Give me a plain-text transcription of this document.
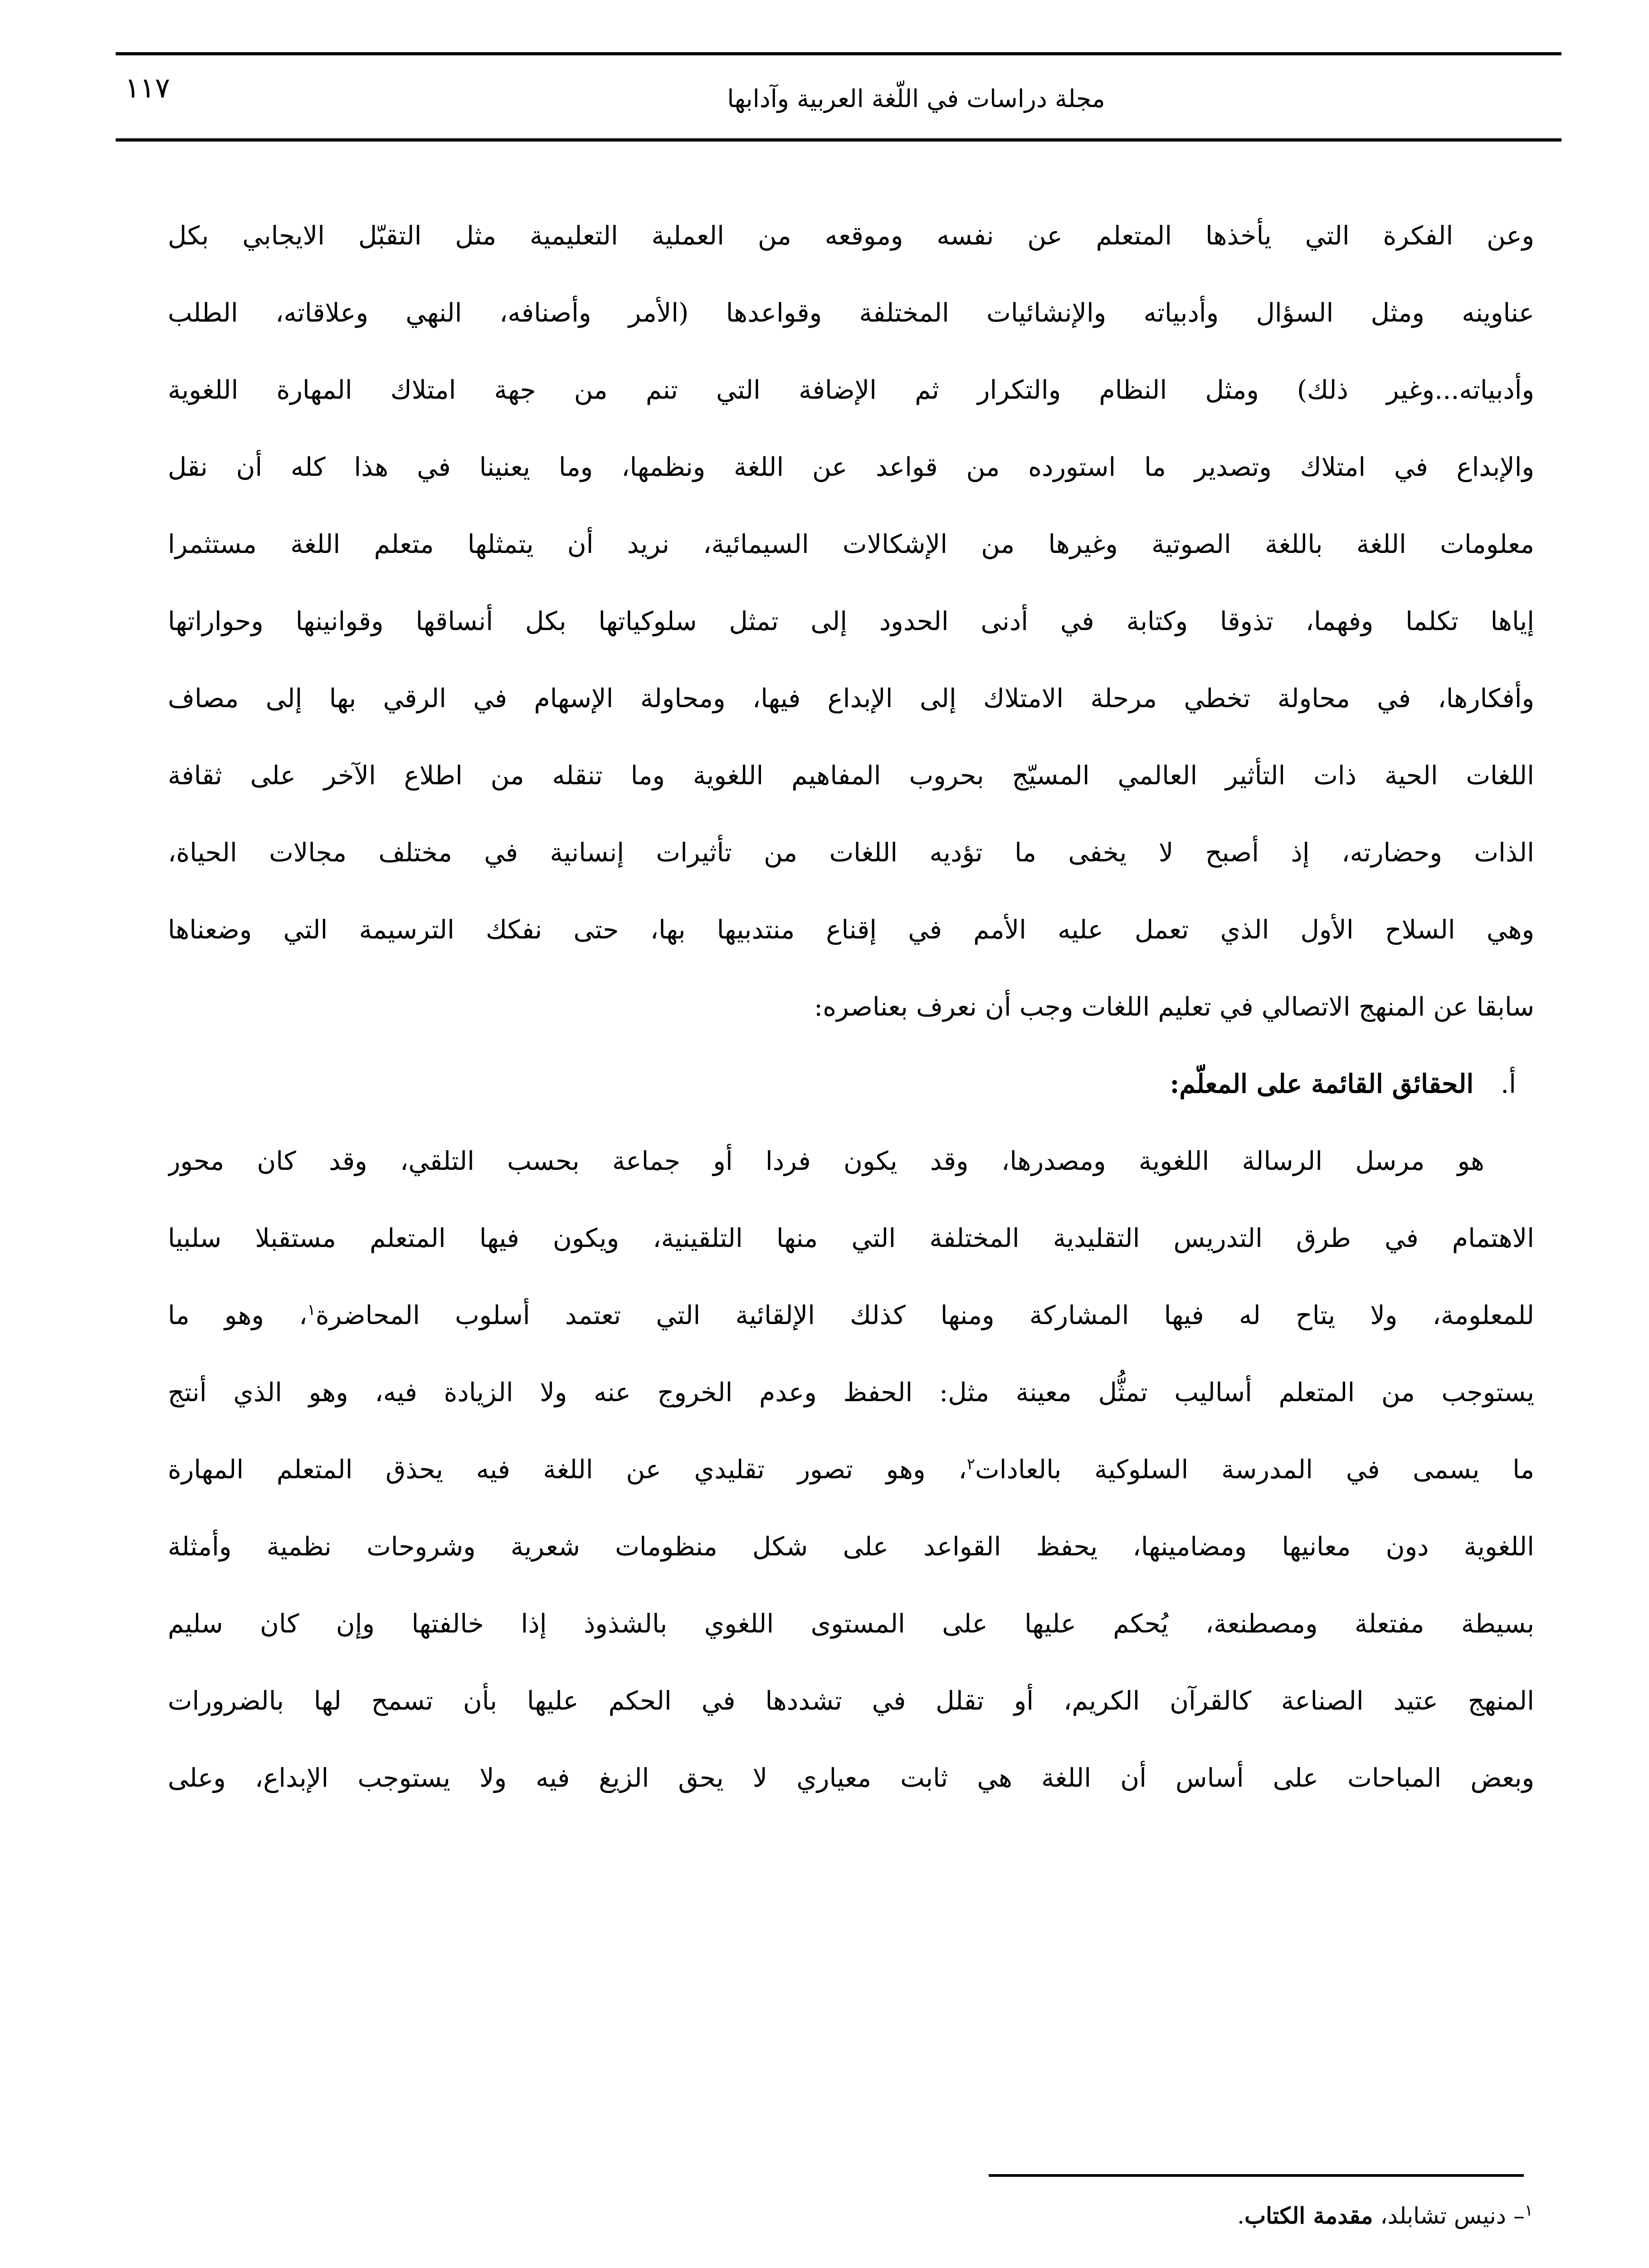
١١٧	مجلة دراسات في اللّغة العربية وآدابها

وعن الفكرة التي يأخذها المتعلم عن نفسه وموقعه من العملية التعليمية مثل التقبّل الايجابي بكل
عناوينه ومثل السؤال وأدبياته والإنشائيات المختلفة وقواعدها (الأمر وأصنافه، النهي وعلاقاته، الطلب
وأدبياته...وغير ذلك) ومثل النظام والتكرار ثم الإضافة التي تنم من جهة امتلاك المهارة اللغوية
والإبداع في امتلاك وتصدير ما استورده من قواعد عن اللغة ونظمها، وما يعنينا في هذا كله أن نقل
معلومات اللغة باللغة الصوتية وغيرها من الإشكالات السيمائية، نريد أن يتمثلها متعلم اللغة مستثمرا
إياها تكلما وفهما، تذوقا وكتابة في أدنى الحدود إلى تمثل سلوكياتها بكل أنساقها وقوانينها وحواراتها
وأفكارها، في محاولة تخطي مرحلة الامتلاك إلى الإبداع فيها، ومحاولة الإسهام في الرقي بها إلى مصاف
اللغات الحية ذات التأثير العالمي المسيّج بحروب المفاهيم اللغوية وما تنقله من اطلاع الآخر على ثقافة
الذات وحضارته، إذ أصبح لا يخفى ما تؤديه اللغات من تأثيرات إنسانية في مختلف مجالات الحياة،
وهي السلاح الأول الذي تعمل عليه الأمم في إقناع منتدبيها بها، حتى نفكك الترسيمة التي وضعناها
سابقا عن المنهج الاتصالي في تعليم اللغات وجب أن نعرف بعناصره:

أ. الحقائق القائمة على المعلّم:

هو مرسل الرسالة اللغوية ومصدرها، وقد يكون فردا أو جماعة بحسب التلقي، وقد كان محور
الاهتمام في طرق التدريس التقليدية المختلفة التي منها التلقينية، ويكون فيها المتعلم مستقبلا سلبيا
للمعلومة، ولا يتاح له فيها المشاركة ومنها كذلك الإلقائية التي تعتمد أسلوب المحاضرة$^١$، وهو ما
يستوجب من المتعلم أساليب تمثُّل معينة مثل: الحفظ وعدم الخروج عنه ولا الزيادة فيه، وهو الذي أنتج
ما يسمى في المدرسة السلوكية بالعادات$^٢$، وهو تصور تقليدي عن اللغة فيه يحذق المتعلم المهارة
اللغوية دون معانيها ومضامينها، يحفظ القواعد على شكل منظومات شعرية وشروحات نظمية وأمثلة
بسيطة مفتعلة ومصطنعة، يُحكم عليها على المستوى اللغوي بالشذوذ إذا خالفتها وإن كان سليم
المنهج عتيد الصناعة كالقرآن الكريم، أو تقلل في تشددها في الحكم عليها بأن تسمح لها بالضرورات
وبعض المباحات على أساس أن اللغة هي ثابت معياري لا يحق الزيغ فيه ولا يستوجب الإبداع، وعلى

$^١$– دنيس تشابلد، مقدمة الكتاب.
